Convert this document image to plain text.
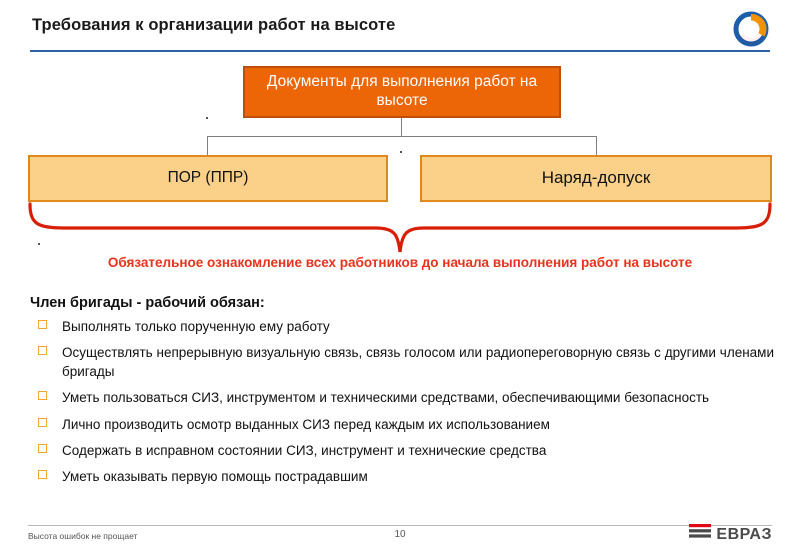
Требования к организации работ на высоте
Документы для выполнения работ на высоте
ПОР (ППР)	Наряд-допуск
Обязательное ознакомление всех работников до начала выполнения работ на высоте
Член бригады - рабочий обязан:
Выполнять только порученную ему работу
Осуществлять непрерывную визуальную связь, связь голосом или радиопереговорную связь с другими членами бригады
Уметь пользоваться СИЗ, инструментом и техническими средствами, обеспечивающими безопасность
Лично производить осмотр выданных СИЗ перед каждым их использованием
Содержать в исправном состоянии СИЗ, инструмент и технические средства
Уметь оказывать первую помощь пострадавшим
Высота ошибок не прощает	10	ЕВРАЗ
